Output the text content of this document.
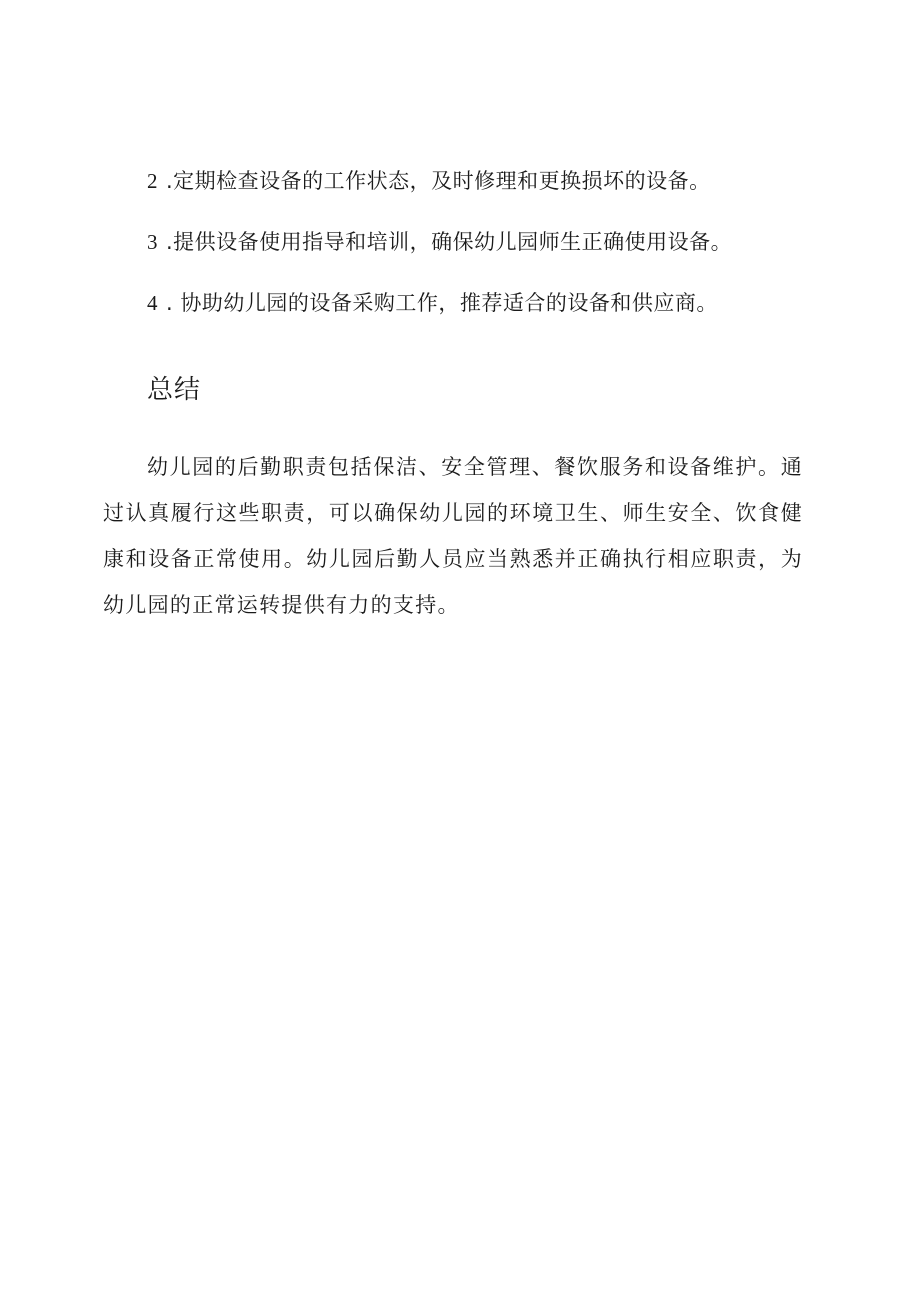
2 .定期检查设备的工作状态，及时修理和更换损坏的设备。
3 .提供设备使用指导和培训，确保幼儿园师生正确使用设备。
4 . 协助幼儿园的设备采购工作，推荐适合的设备和供应商。
总结

幼儿园的后勤职责包括保洁、安全管理、餐饮服务和设备维护。通过认真履行这些职责，可以确保幼儿园的环境卫生、师生安全、饮食健康和设备正常使用。幼儿园后勤人员应当熟悉并正确执行相应职责，为幼儿园的正常运转提供有力的支持。
